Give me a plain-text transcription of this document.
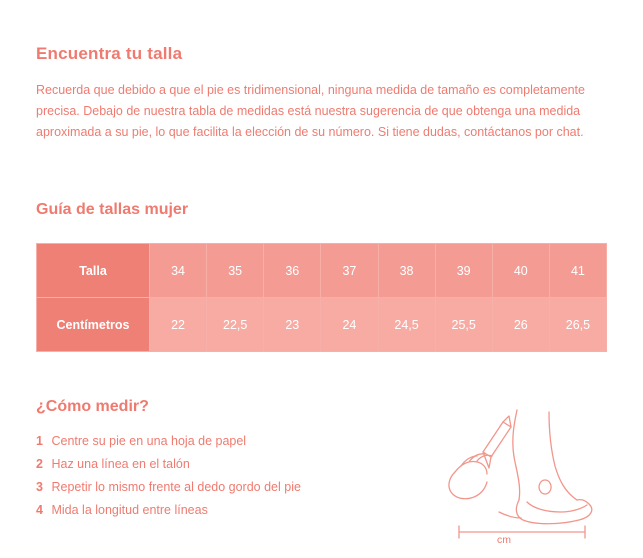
Encuentra tu talla

Recuerda que debido a que el pie es tridimensional, ninguna medida de tamaño es completamente precisa. Debajo de nuestra tabla de medidas está nuestra sugerencia de que obtenga una medida aproximada a su pie, lo que facilita la elección de su número. Si tiene dudas, contáctanos por chat.

Guía de tallas mujer
Talla	34	35	36	37	38	39	40	41
Centímetros	22	22,5	23	24	24,5	25,5	26	26,5
¿Cómo medir?
1 Centre su pie en una hoja de papel
2 Haz una línea en el talón
3 Repetir lo mismo frente al dedo gordo del pie
4 Mida la longitud entre líneas
cm
